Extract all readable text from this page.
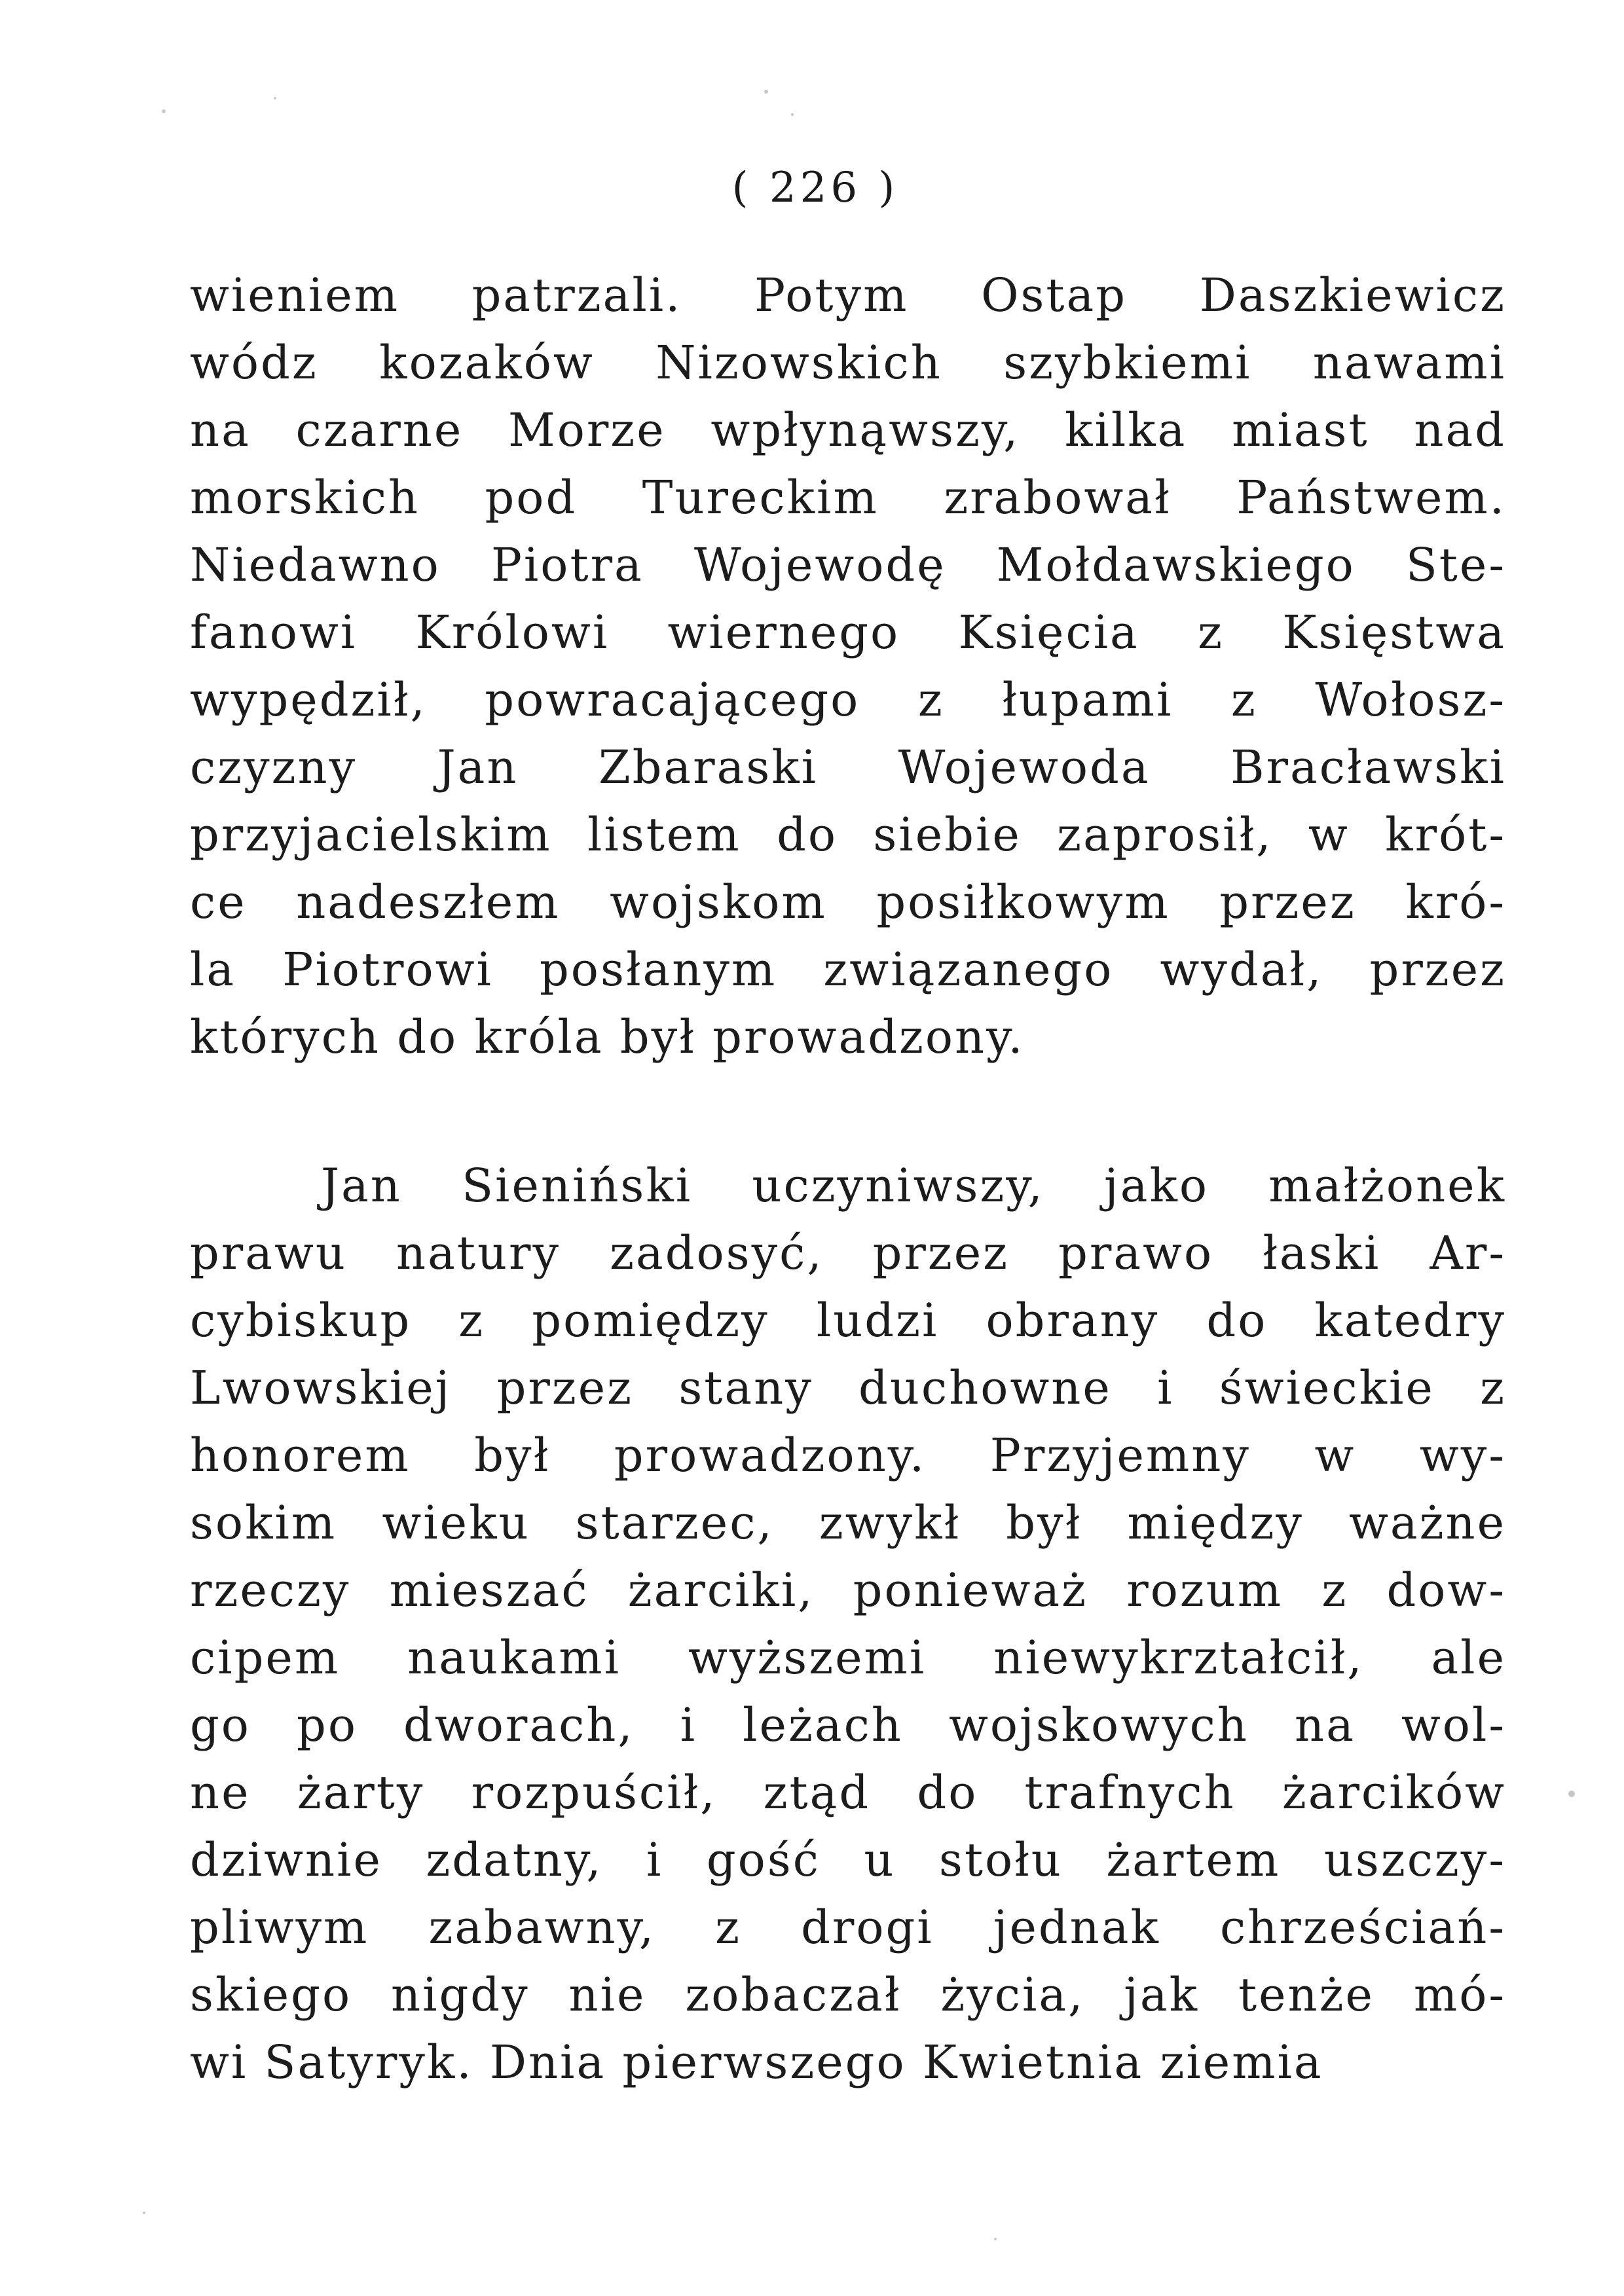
( 226 )
wieniem patrzali. Potym Ostap Daszkiewicz
wódz kozaków Nizowskich szybkiemi nawami
na czarne Morze wpłynąwszy, kilka miast nad
morskich pod Tureckim zrabował Państwem.
Niedawno Piotra Wojewodę Mołdawskiego Ste-
fanowi Królowi wiernego Księcia z Księstwa
wypędził, powracającego z łupami z Wołosz-
czyzny Jan Zbaraski Wojewoda Bracławski
przyjacielskim listem do siebie zaprosił, w krót-
ce nadeszłem wojskom posiłkowym przez kró-
la Piotrowi posłanym związanego wydał, przez
których do króla był prowadzony.
Jan Sieniński uczyniwszy, jako małżonek
prawu natury zadosyć, przez prawo łaski Ar-
cybiskup z pomiędzy ludzi obrany do katedry
Lwowskiej przez stany duchowne i świeckie z
honorem był prowadzony. Przyjemny w wy-
sokim wieku starzec, zwykł był między ważne
rzeczy mieszać żarciki, ponieważ rozum z dow-
cipem naukami wyższemi niewykrztałcił, ale
go po dworach, i leżach wojskowych na wol-
ne żarty rozpuścił, ztąd do trafnych żarcików
dziwnie zdatny, i gość u stołu żartem uszczy-
pliwym zabawny, z drogi jednak chrześciań-
skiego nigdy nie zobaczał życia, jak tenże mó-
wi Satyryk. Dnia pierwszego Kwietnia ziemia
